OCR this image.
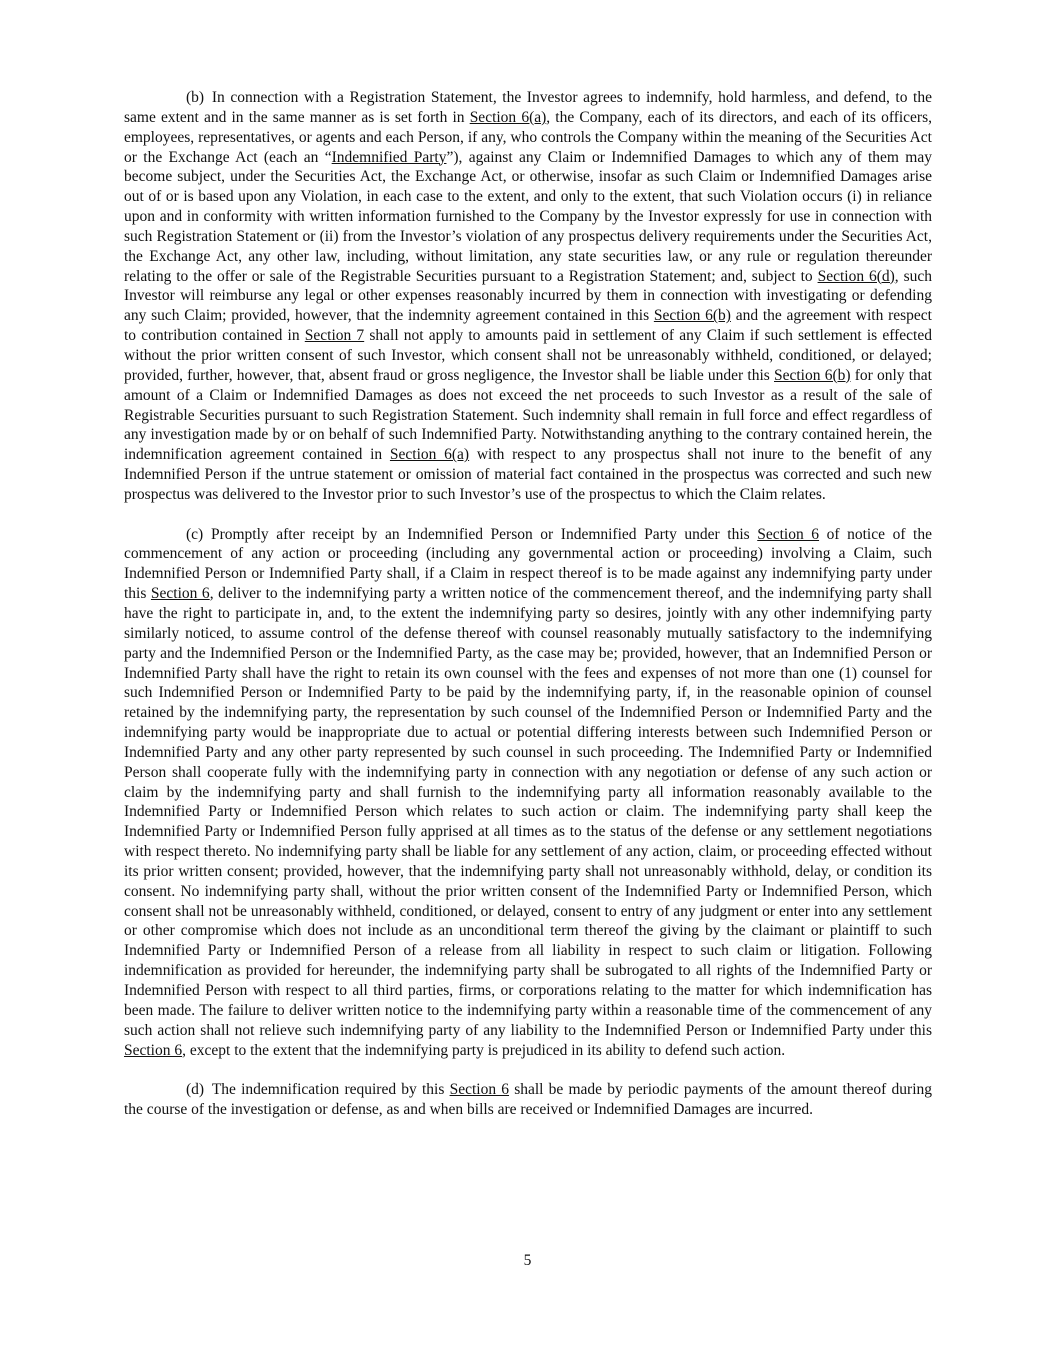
(b) In connection with a Registration Statement, the Investor agrees to indemnify, hold harmless, and defend, to the same extent and in the same manner as is set forth in Section 6(a), the Company, each of its directors, and each of its officers, employees, representatives, or agents and each Person, if any, who controls the Company within the meaning of the Securities Act or the Exchange Act (each an “Indemnified Party”), against any Claim or Indemnified Damages to which any of them may become subject, under the Securities Act, the Exchange Act, or otherwise, insofar as such Claim or Indemnified Damages arise out of or is based upon any Violation, in each case to the extent, and only to the extent, that such Violation occurs (i) in reliance upon and in conformity with written information furnished to the Company by the Investor expressly for use in connection with such Registration Statement or (ii) from the Investor’s violation of any prospectus delivery requirements under the Securities Act, the Exchange Act, any other law, including, without limitation, any state securities law, or any rule or regulation thereunder relating to the offer or sale of the Registrable Securities pursuant to a Registration Statement; and, subject to Section 6(d), such Investor will reimburse any legal or other expenses reasonably incurred by them in connection with investigating or defending any such Claim; provided, however, that the indemnity agreement contained in this Section 6(b) and the agreement with respect to contribution contained in Section 7 shall not apply to amounts paid in settlement of any Claim if such settlement is effected without the prior written consent of such Investor, which consent shall not be unreasonably withheld, conditioned, or delayed; provided, further, however, that, absent fraud or gross negligence, the Investor shall be liable under this Section 6(b) for only that amount of a Claim or Indemnified Damages as does not exceed the net proceeds to such Investor as a result of the sale of Registrable Securities pursuant to such Registration Statement. Such indemnity shall remain in full force and effect regardless of any investigation made by or on behalf of such Indemnified Party. Notwithstanding anything to the contrary contained herein, the indemnification agreement contained in Section 6(a) with respect to any prospectus shall not inure to the benefit of any Indemnified Person if the untrue statement or omission of material fact contained in the prospectus was corrected and such new prospectus was delivered to the Investor prior to such Investor’s use of the prospectus to which the Claim relates.

(c) Promptly after receipt by an Indemnified Person or Indemnified Party under this Section 6 of notice of the commencement of any action or proceeding (including any governmental action or proceeding) involving a Claim, such Indemnified Person or Indemnified Party shall, if a Claim in respect thereof is to be made against any indemnifying party under this Section 6, deliver to the indemnifying party a written notice of the commencement thereof, and the indemnifying party shall have the right to participate in, and, to the extent the indemnifying party so desires, jointly with any other indemnifying party similarly noticed, to assume control of the defense thereof with counsel reasonably mutually satisfactory to the indemnifying party and the Indemnified Person or the Indemnified Party, as the case may be; provided, however, that an Indemnified Person or Indemnified Party shall have the right to retain its own counsel with the fees and expenses of not more than one (1) counsel for such Indemnified Person or Indemnified Party to be paid by the indemnifying party, if, in the reasonable opinion of counsel retained by the indemnifying party, the representation by such counsel of the Indemnified Person or Indemnified Party and the indemnifying party would be inappropriate due to actual or potential differing interests between such Indemnified Person or Indemnified Party and any other party represented by such counsel in such proceeding. The Indemnified Party or Indemnified Person shall cooperate fully with the indemnifying party in connection with any negotiation or defense of any such action or claim by the indemnifying party and shall furnish to the indemnifying party all information reasonably available to the Indemnified Party or Indemnified Person which relates to such action or claim. The indemnifying party shall keep the Indemnified Party or Indemnified Person fully apprised at all times as to the status of the defense or any settlement negotiations with respect thereto. No indemnifying party shall be liable for any settlement of any action, claim, or proceeding effected without its prior written consent; provided, however, that the indemnifying party shall not unreasonably withhold, delay, or condition its consent. No indemnifying party shall, without the prior written consent of the Indemnified Party or Indemnified Person, which consent shall not be unreasonably withheld, conditioned, or delayed, consent to entry of any judgment or enter into any settlement or other compromise which does not include as an unconditional term thereof the giving by the claimant or plaintiff to such Indemnified Party or Indemnified Person of a release from all liability in respect to such claim or litigation. Following indemnification as provided for hereunder, the indemnifying party shall be subrogated to all rights of the Indemnified Party or Indemnified Person with respect to all third parties, firms, or corporations relating to the matter for which indemnification has been made. The failure to deliver written notice to the indemnifying party within a reasonable time of the commencement of any such action shall not relieve such indemnifying party of any liability to the Indemnified Person or Indemnified Party under this Section 6, except to the extent that the indemnifying party is prejudiced in its ability to defend such action.

(d) The indemnification required by this Section 6 shall be made by periodic payments of the amount thereof during the course of the investigation or defense, as and when bills are received or Indemnified Damages are incurred.

5
